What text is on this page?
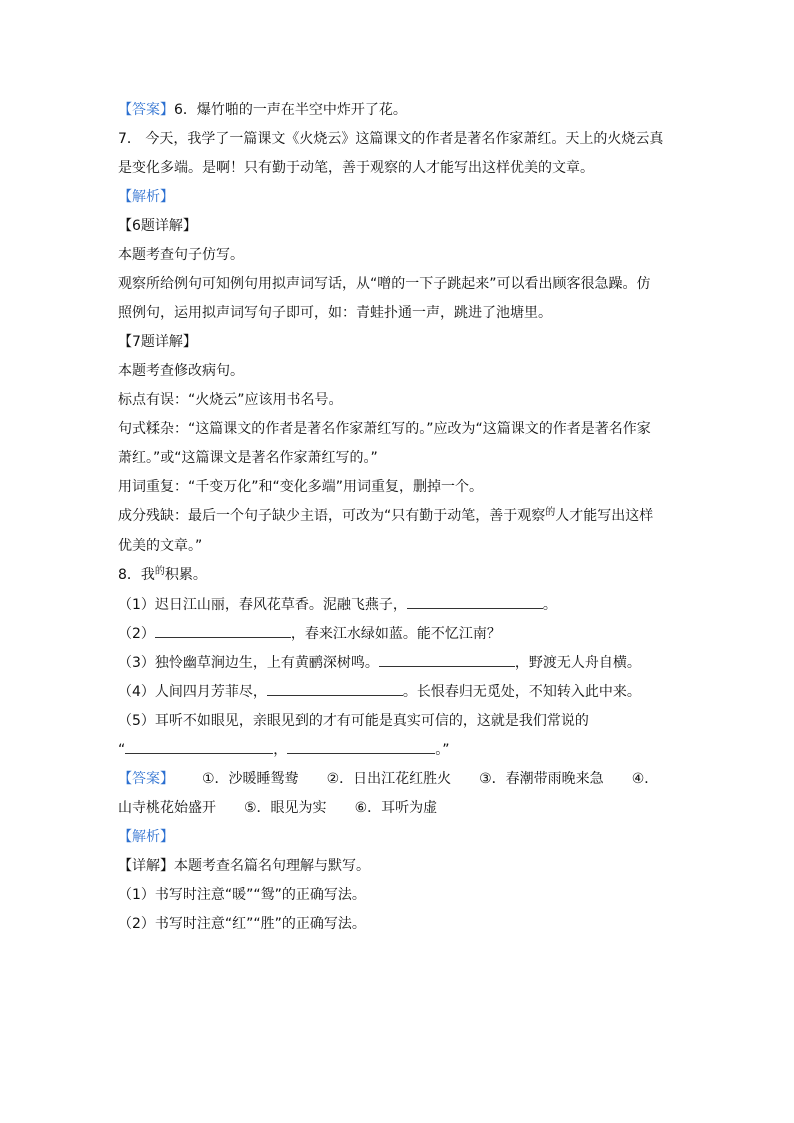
【答案】6．爆竹啪的一声在半空中炸开了花。

7． 今天，我学了一篇课文《火烧云》这篇课文的作者是著名作家萧红。天上的火烧云真

是变化多端。是啊！只有勤于动笔，善于观察的人才能写出这样优美的文章。

【解析】

【6题详解】

本题考查句子仿写。

观察所给例句可知例句用拟声词写话，从“噌的一下子跳起来”可以看出顾客很急躁。仿

照例句，运用拟声词写句子即可，如：青蛙扑通一声，跳进了池塘里。

【7题详解】

本题考查修改病句。

标点有误：“火烧云”应该用书名号。

句式糅杂：“这篇课文的作者是著名作家萧红写的。”应改为“这篇课文的作者是著名作家

萧红。”或“这篇课文是著名作家萧红写的。”

用词重复：“千变万化”和“变化多端”用词重复，删掉一个。

成分残缺：最后一个句子缺少主语，可改为“只有勤于动笔，善于观察$^的$人才能写出这样

优美的文章。”

8．我$^的$积累。

（1）迟日江山丽，春风花草香。泥融飞燕子，	。

（2）	，春来江水绿如蓝。能不忆江南？

（3）独怜幽草涧边生，上有黄鹂深树鸣。	，野渡无人舟自横。

（4）人间四月芳菲尽，	。长恨春归无觅处，不知转入此中来。

（5）耳听不如眼见，亲眼见到的才有可能是真实可信的，这就是我们常说的

“	，	。”

【答案】 ①．沙暖睡鸳鸯 ②．日出江花红胜火 ③．春潮带雨晚来急 ④．

山寺桃花始盛开 ⑤．眼见为实 ⑥．耳听为虚

【解析】

【详解】本题考查名篇名句理解与默写。

（1）书写时注意“暖”“鸳”的正确写法。

（2）书写时注意“红”“胜”的正确写法。
